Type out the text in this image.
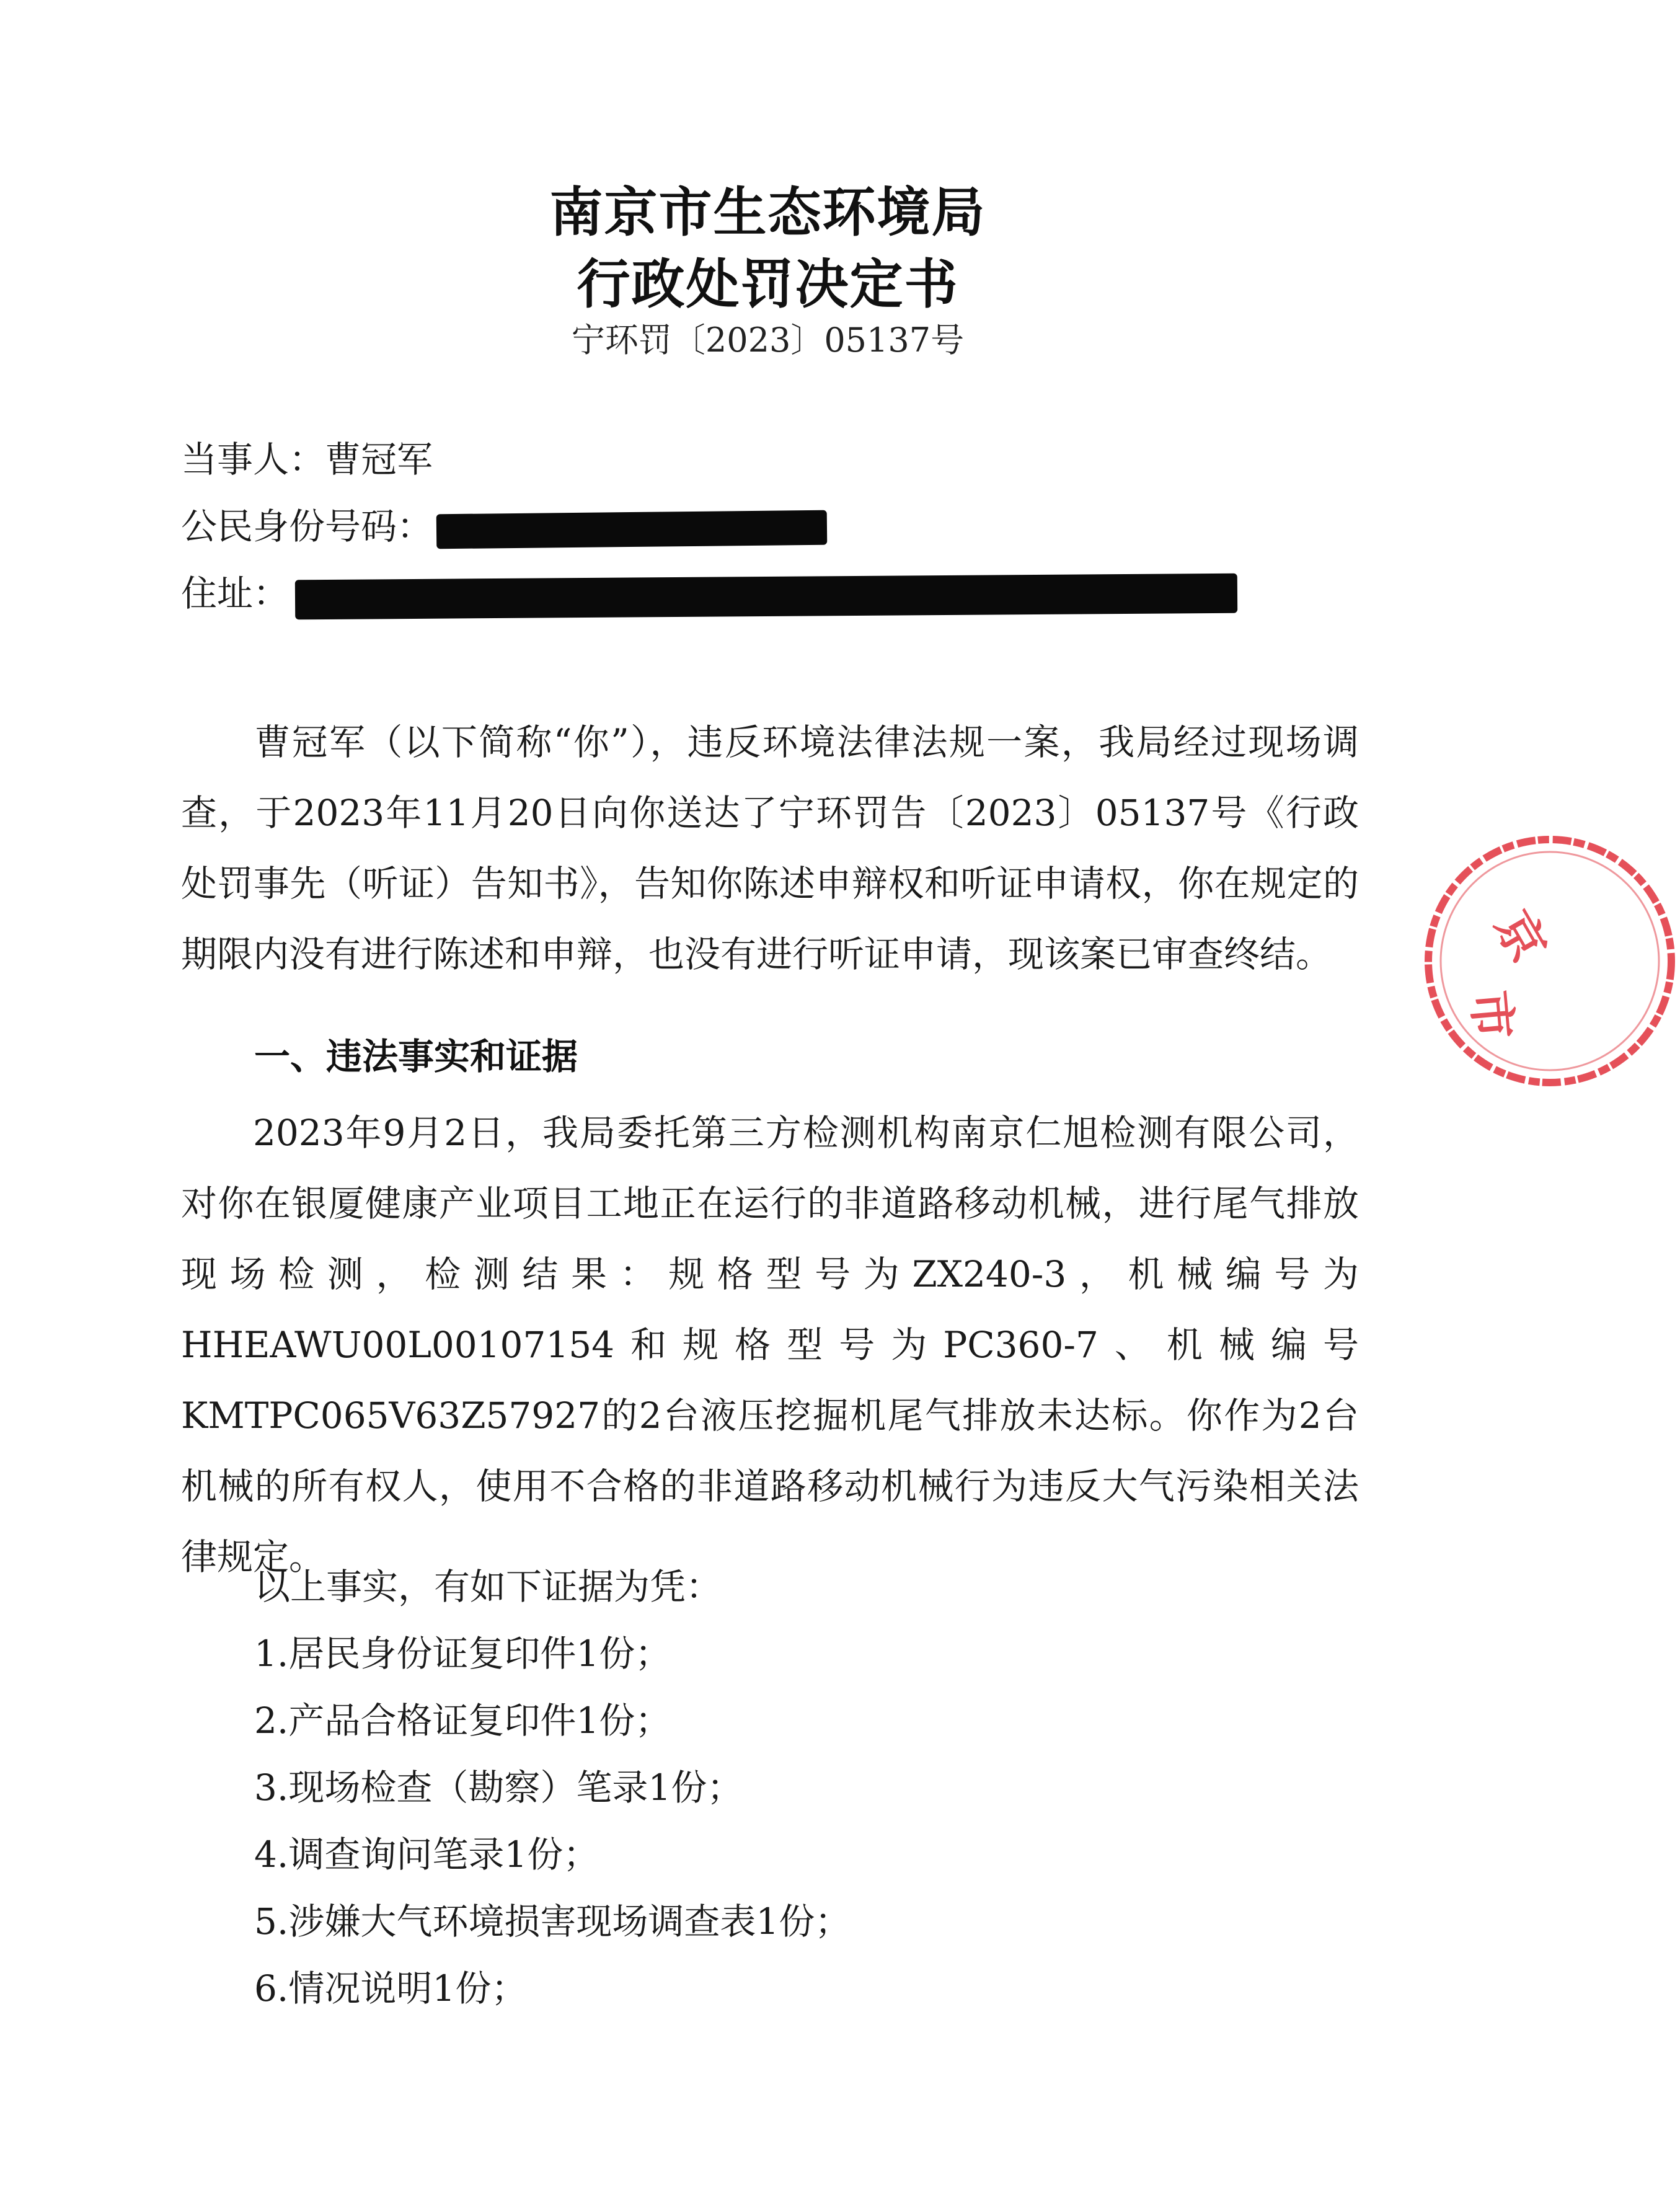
南京市生态环境局
行政处罚决定书
宁环罚〔2023〕05137号
当事人：曹冠军
公民身份号码：
住址：
曹冠军（以下简称“你”），违反环境法律法规一案，我局经过现场调查，于2023年11月20日向你送达了宁环罚告〔2023〕05137号《行政处罚事先（听证）告知书》，告知你陈述申辩权和听证申请权，你在规定的期限内没有进行陈述和申辩，也没有进行听证申请，现该案已审查终结。
一、违法事实和证据
2023年9月2日，我局委托第三方检测机构南京仁旭检测有限公司，对你在银厦健康产业项目工地正在运行的非道路移动机械，进行尾气排放现场检测，检测结果：规格型号为ZX240-3，机械编号为HHEAWU00L00107154和规格型号为PC360-7、机械编号KMTPC065V63Z57927的2台液压挖掘机尾气排放未达标。你作为2台机械的所有权人，使用不合格的非道路移动机械行为违反大气污染相关法律规定。
以上事实，有如下证据为凭：
1.居民身份证复印件1份；
2.产品合格证复印件1份；
3.现场检查（勘察）笔录1份；
4.调查询问笔录1份；
5.涉嫌大气环境损害现场调查表1份；
6.情况说明1份；
京
市
